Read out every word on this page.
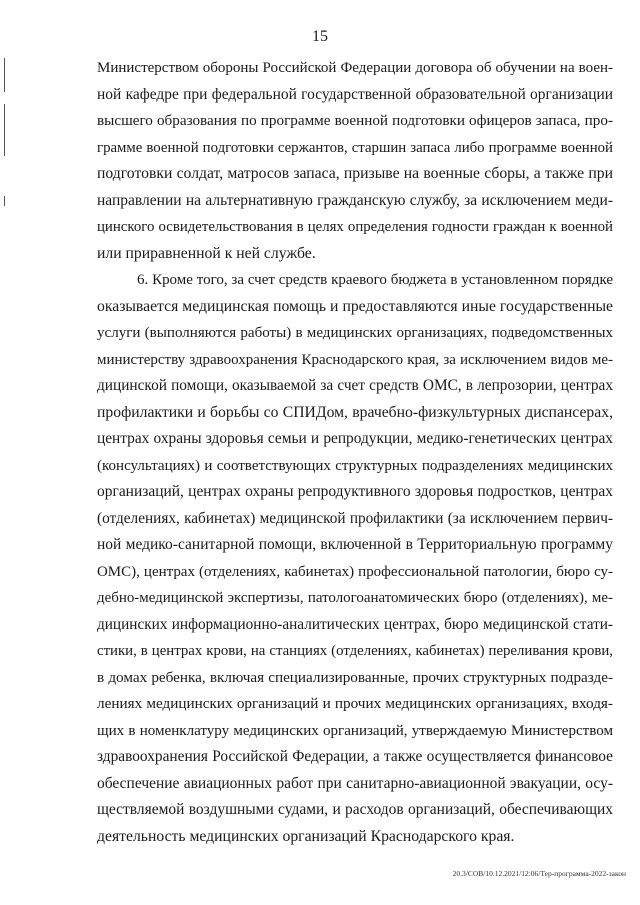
15
Министерством обороны Российской Федерации договора об обучении на воен-
ной кафедре при федеральной государственной образовательной организации
высшего образования по программе военной подготовки офицеров запаса, про-
грамме военной подготовки сержантов, старшин запаса либо программе военной
подготовки солдат, матросов запаса, призыве на военные сборы, а также при
направлении на альтернативную гражданскую службу, за исключением меди-
цинского освидетельствования в целях определения годности граждан к военной
или приравненной к ней службе.
6. Кроме того, за счет средств краевого бюджета в установленном порядке
оказывается медицинская помощь и предоставляются иные государственные
услуги (выполняются работы) в медицинских организациях, подведомственных
министерству здравоохранения Краснодарского края, за исключением видов ме-
дицинской помощи, оказываемой за счет средств ОМС, в лепрозории, центрах
профилактики и борьбы со СПИДом, врачебно-физкультурных диспансерах,
центрах охраны здоровья семьи и репродукции, медико-генетических центрах
(консультациях) и соответствующих структурных подразделениях медицинских
организаций, центрах охраны репродуктивного здоровья подростков, центрах
(отделениях, кабинетах) медицинской профилактики (за исключением первич-
ной медико-санитарной помощи, включенной в Территориальную программу
ОМС), центрах (отделениях, кабинетах) профессиональной патологии, бюро су-
дебно-медицинской экспертизы, патологоанатомических бюро (отделениях), ме-
дицинских информационно-аналитических центрах, бюро медицинской стати-
стики, в центрах крови, на станциях (отделениях, кабинетах) переливания крови,
в домах ребенка, включая специализированные, прочих структурных подразде-
лениях медицинских организаций и прочих медицинских организациях, входя-
щих в номенклатуру медицинских организаций, утверждаемую Министерством
здравоохранения Российской Федерации, а также осуществляется финансовое
обеспечение авиационных работ при санитарно-авиационной эвакуации, осу-
ществляемой воздушными судами, и расходов организаций, обеспечивающих
деятельность медицинских организаций Краснодарского края.
20.3/СОВ/10.12.2021/12:06/Тер-программа-2022-закон
